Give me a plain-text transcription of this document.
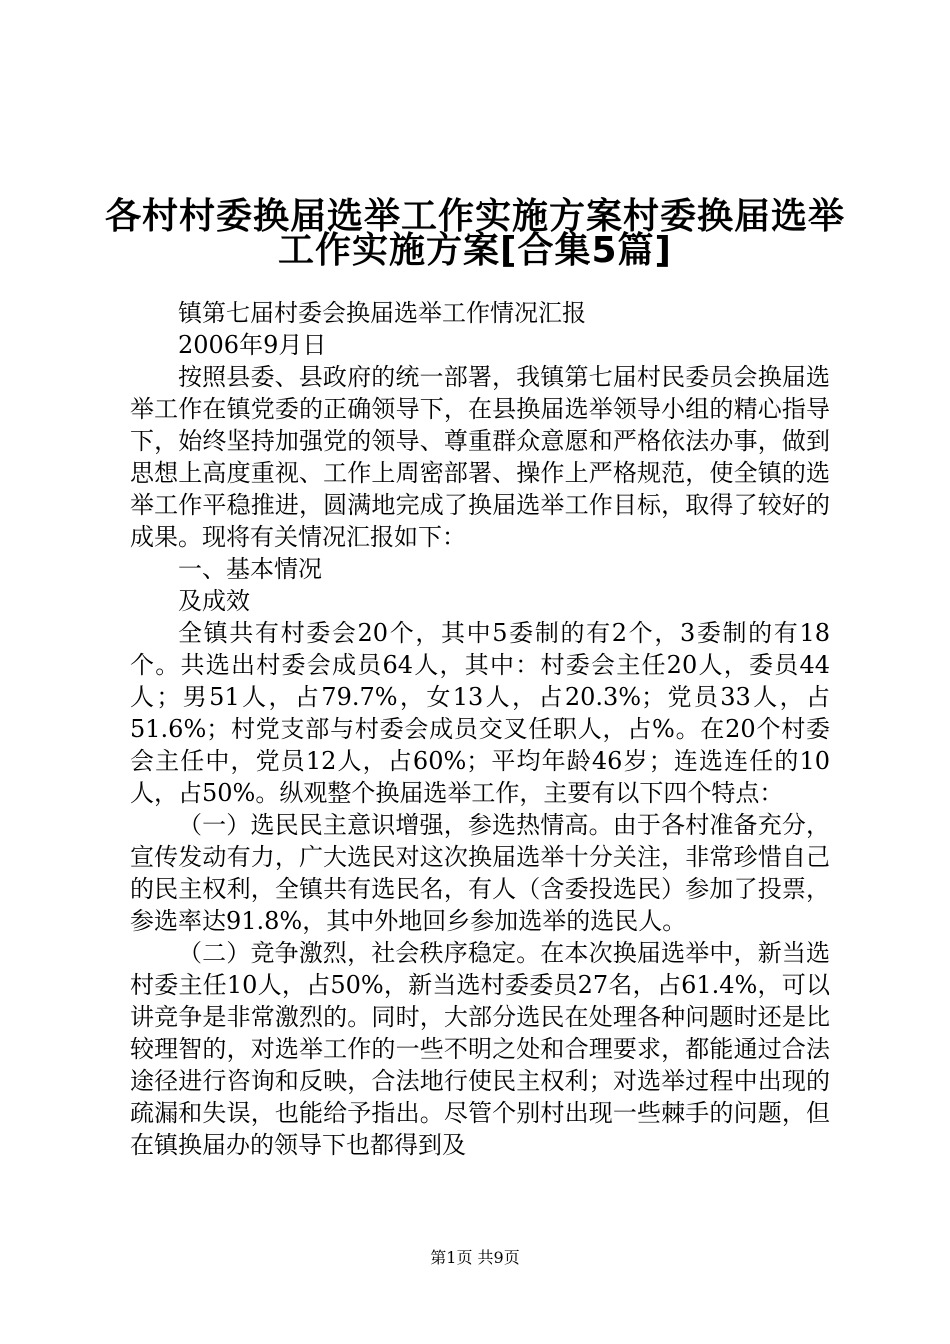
各村村委换届选举工作实施方案村委换届选举
工作实施方案[合集5篇]

镇第七届村委会换届选举工作情况汇报

2006年9月日

按照县委、县政府的统一部署，我镇第七届村民委员会换届选举工作在镇党委的正确领导下，在县换届选举领导小组的精心指导下，始终坚持加强党的领导、尊重群众意愿和严格依法办事，做到思想上高度重视、工作上周密部署、操作上严格规范，使全镇的选举工作平稳推进，圆满地完成了换届选举工作目标，取得了较好的成果。现将有关情况汇报如下：

一、基本情况

及成效

全镇共有村委会20个，其中5委制的有2个，3委制的有18个。共选出村委会成员64人，其中：村委会主任20人，委员44人；男51人，占79.7%，女13人，占20.3%；党员33人，占51.6%；村党支部与村委会成员交叉任职人，占%。在20个村委会主任中，党员12人，占60%；平均年龄46岁；连选连任的10人，占50%。纵观整个换届选举工作，主要有以下四个特点：

（一）选民民主意识增强，参选热情高。由于各村准备充分，宣传发动有力，广大选民对这次换届选举十分关注，非常珍惜自己的民主权利，全镇共有选民名，有人（含委投选民）参加了投票，参选率达91.8%，其中外地回乡参加选举的选民人。

（二）竞争激烈，社会秩序稳定。在本次换届选举中，新当选村委主任10人，占50%，新当选村委委员27名，占61.4%，可以讲竞争是非常激烈的。同时，大部分选民在处理各种问题时还是比较理智的，对选举工作的一些不明之处和合理要求，都能通过合法途径进行咨询和反映，合法地行使民主权利；对选举过程中出现的疏漏和失误，也能给予指出。尽管个别村出现一些棘手的问题，但在镇换届办的领导下也都得到及

第1页 共9页
